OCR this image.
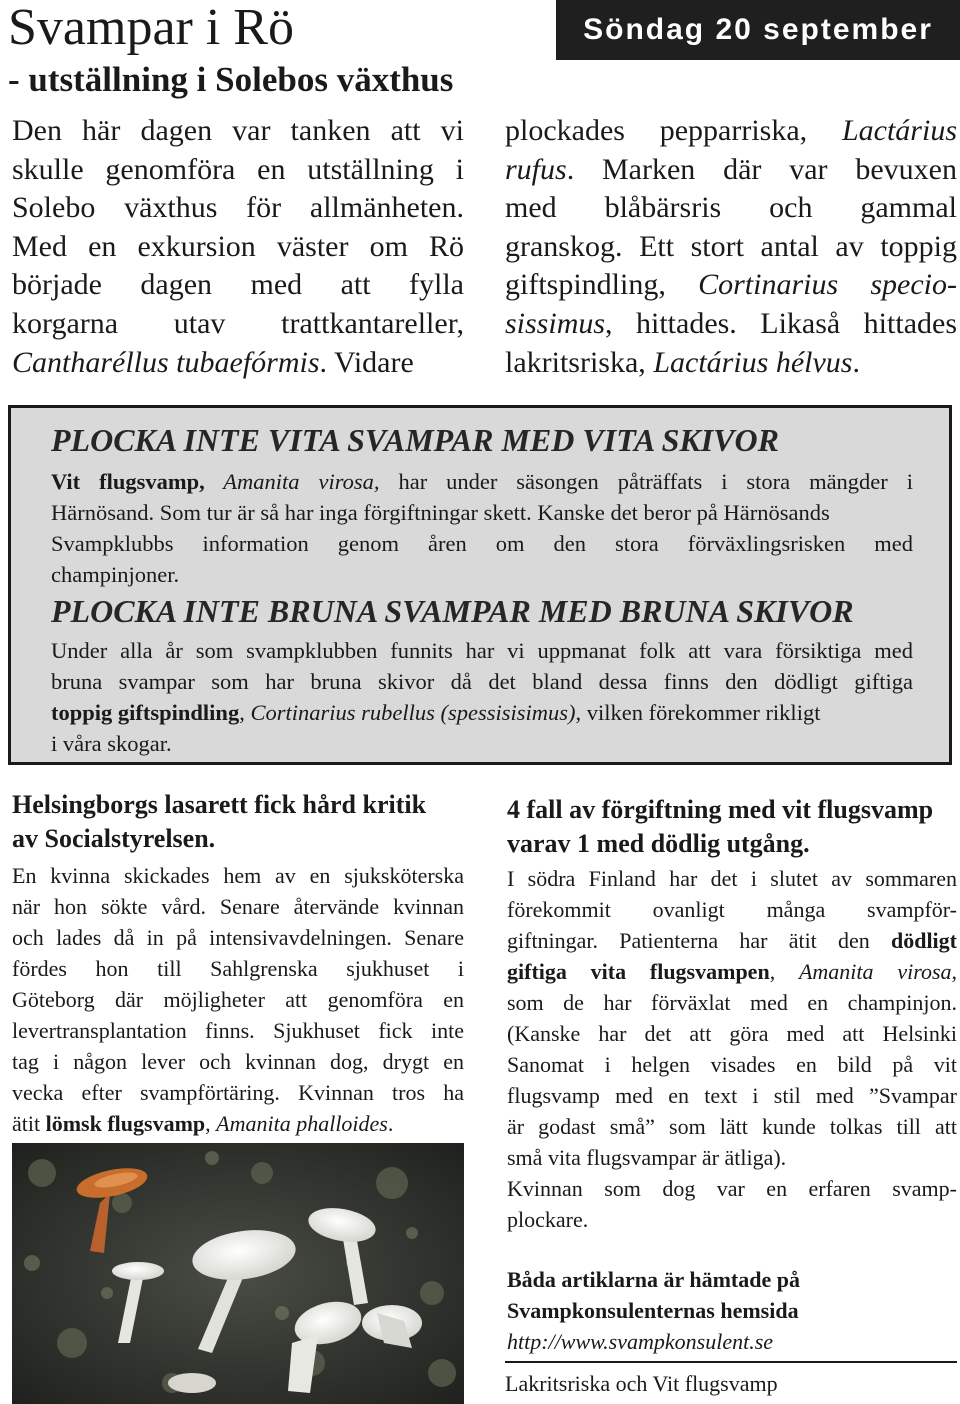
Svampar i Rö
- utställning i Solebos växthus
Söndag 20 september
Den här dagen var tanken att vi
skulle genomföra en utställning i
Solebo växthus för allmänheten.
Med en exkursion väster om Rö
började dagen med att fylla
korgarna utav trattkantareller,
Cantharéllus tubaefórmis. Vidare
plockades pepparriska, Lactárius
rufus. Marken där var bevuxen
med blåbärsris och gammal
granskog. Ett stort antal av toppig
giftspindling, Cortinarius specio-
sissimus, hittades. Likaså hittades
lakritsriska, Lactárius hélvus.
PLOCKA INTE VITA SVAMPAR MED VITA SKIVOR
Vit flugsvamp, Amanita virosa, har under säsongen påträffats i stora mängder i
Härnösand. Som tur är så har inga förgiftningar skett. Kanske det beror på Härnösands
Svampklubbs information genom åren om den stora förväxlingsrisken med
champinjoner.
PLOCKA INTE BRUNA SVAMPAR MED BRUNA SKIVOR
Under alla år som svampklubben funnits har vi uppmanat folk att vara försiktiga med
bruna svampar som har bruna skivor då det bland dessa finns den dödligt giftiga
toppig giftspindling, Cortinarius rubellus (spessisisimus), vilken förekommer rikligt
i våra skogar.
Helsingborgs lasarett fick hård kritik
av Socialstyrelsen.
En kvinna skickades hem av en sjuksköterska
när hon sökte vård. Senare återvände kvinnan
och lades då in på intensivavdelningen. Senare
fördes hon till Sahlgrenska sjukhuset i
Göteborg där möjligheter att genomföra en
levertransplantation finns. Sjukhuset fick inte
tag i någon lever och kvinnan dog, drygt en
vecka efter svampförtäring. Kvinnan tros ha
ätit lömsk flugsvamp, Amanita phalloides.
4 fall av förgiftning med vit flugsvamp
varav 1 med dödlig utgång.
I södra Finland har det i slutet av sommaren
förekommit ovanligt många svampför-
giftningar. Patienterna har ätit den dödligt
giftiga vita flugsvampen, Amanita virosa,
som de har förväxlat med en champinjon.
(Kanske har det att göra med att Helsinki
Sanomat i helgen visades en bild på vit
flugsvamp med en text i stil med ”Svampar
är godast små” som lätt kunde tolkas till att
små vita flugsvampar är ätliga).
Kvinnan som dog var en erfaren svamp-
plockare.
Båda artiklarna är hämtade på
Svampkonsulenternas hemsida
http://www.svampkonsulent.se
Lakritsriska och Vit flugsvamp
